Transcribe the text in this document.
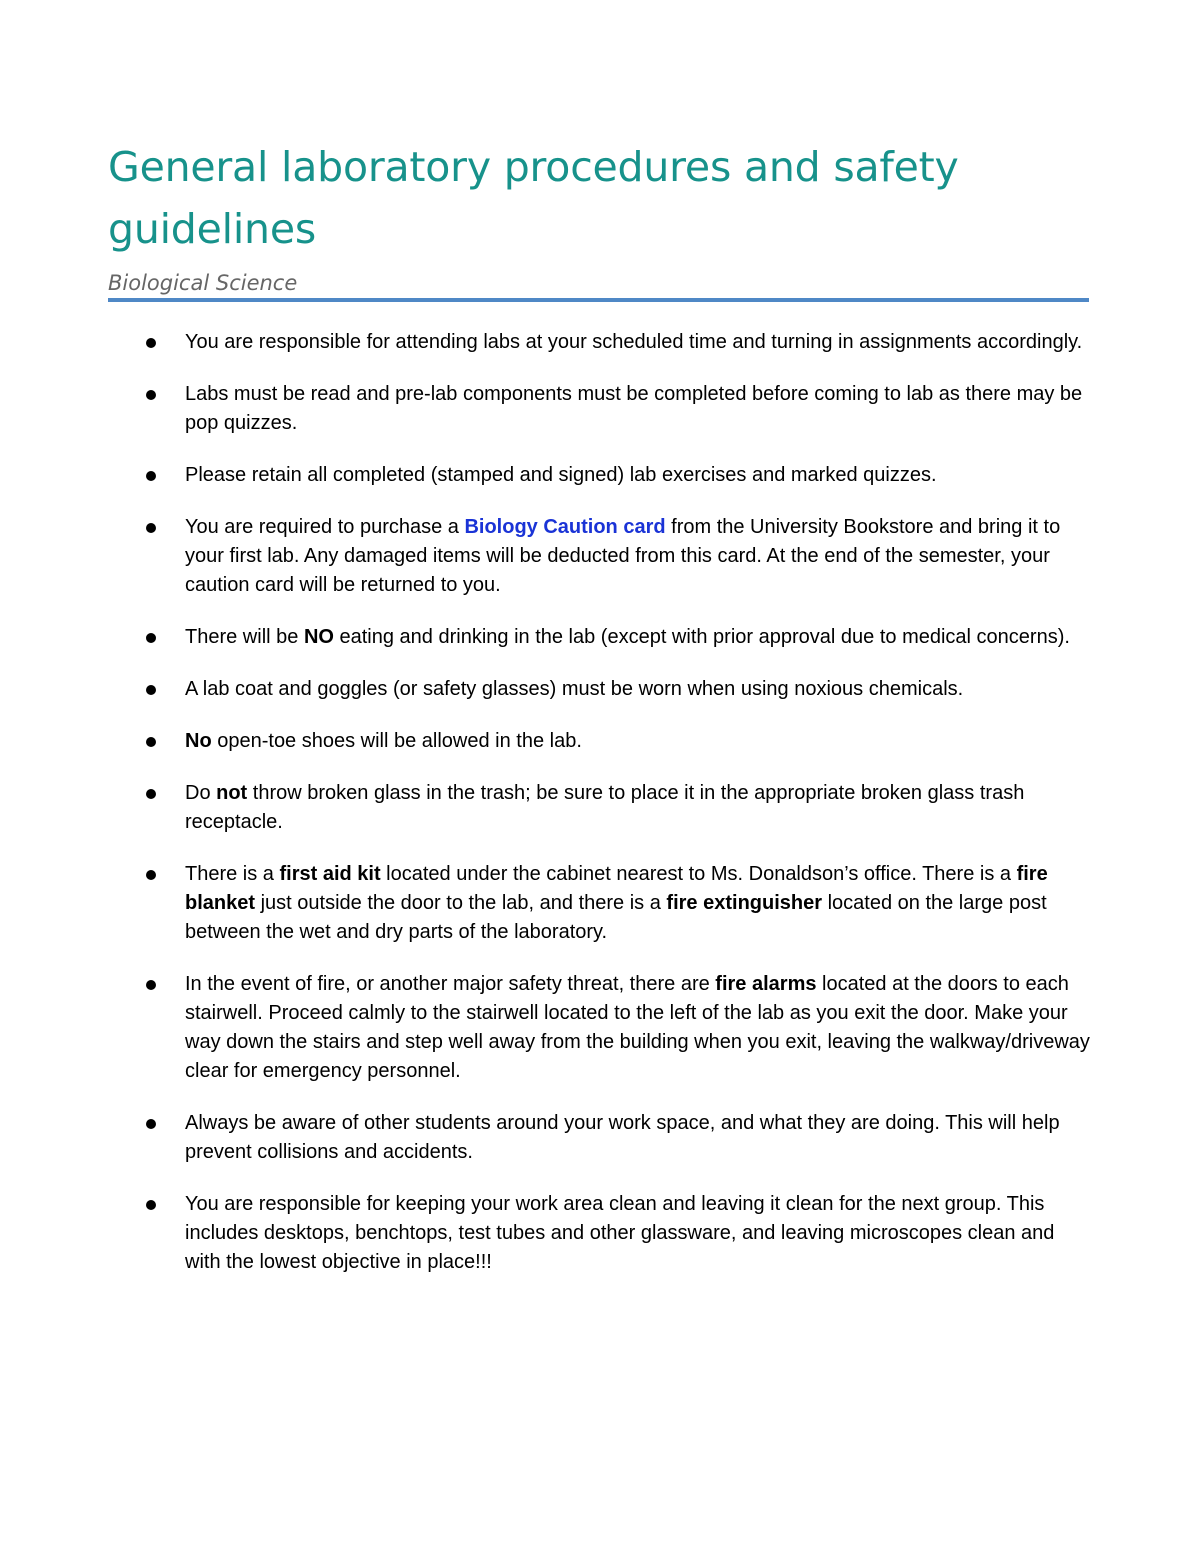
General laboratory procedures and safety guidelines

Biological Science

You are responsible for attending labs at your scheduled time and turning in assignments accordingly.
Labs must be read and pre-lab components must be completed before coming to lab as there may be pop quizzes.
Please retain all completed (stamped and signed) lab exercises and marked quizzes.
You are required to purchase a Biology Caution card from the University Bookstore and bring it to your first lab. Any damaged items will be deducted from this card. At the end of the semester, your caution card will be returned to you.
There will be NO eating and drinking in the lab (except with prior approval due to medical concerns).
A lab coat and goggles (or safety glasses) must be worn when using noxious chemicals.
No open-toe shoes will be allowed in the lab.
Do not throw broken glass in the trash; be sure to place it in the appropriate broken glass trash receptacle.
There is a first aid kit located under the cabinet nearest to Ms. Donaldson’s office. There is a fire blanket just outside the door to the lab, and there is a fire extinguisher located on the large post between the wet and dry parts of the laboratory.
In the event of fire, or another major safety threat, there are fire alarms located at the doors to each stairwell. Proceed calmly to the stairwell located to the left of the lab as you exit the door. Make your way down the stairs and step well away from the building when you exit, leaving the walkway/driveway clear for emergency personnel.
Always be aware of other students around your work space, and what they are doing. This will help prevent collisions and accidents.
You are responsible for keeping your work area clean and leaving it clean for the next group. This includes desktops, benchtops, test tubes and other glassware, and leaving microscopes clean and with the lowest objective in place!!!
